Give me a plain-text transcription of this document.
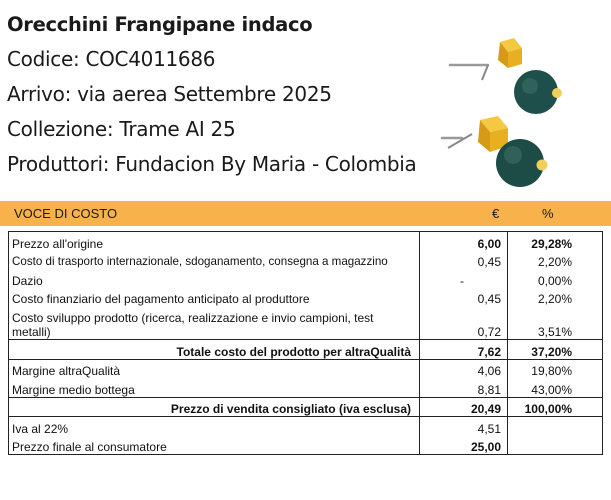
Orecchini Frangipane indaco
Codice: COC4011686
Arrivo: via aerea Settembre 2025
Collezione: Trame AI 25
Produttori: Fundacion By Maria - Colombia
VOCE DI COSTO	€	%
Prezzo all'origine	6,00	29,28%
Costo di trasporto internazionale, sdoganamento, consegna a magazzino	0,45	2,20%
Dazio	-	0,00%
Costo finanziario del pagamento anticipato al produttore	0,45	2,20%
Costo sviluppo prodotto (ricerca, realizzazione e invio campioni, test metalli)	0,72	3,51%
Totale costo del prodotto per altraQualità	7,62	37,20%
Margine altraQualità	4,06	19,80%
Margine medio bottega	8,81	43,00%
Prezzo di vendita consigliato (iva esclusa)	20,49	100,00%
Iva al 22%	4,51	
Prezzo finale al consumatore	25,00	
